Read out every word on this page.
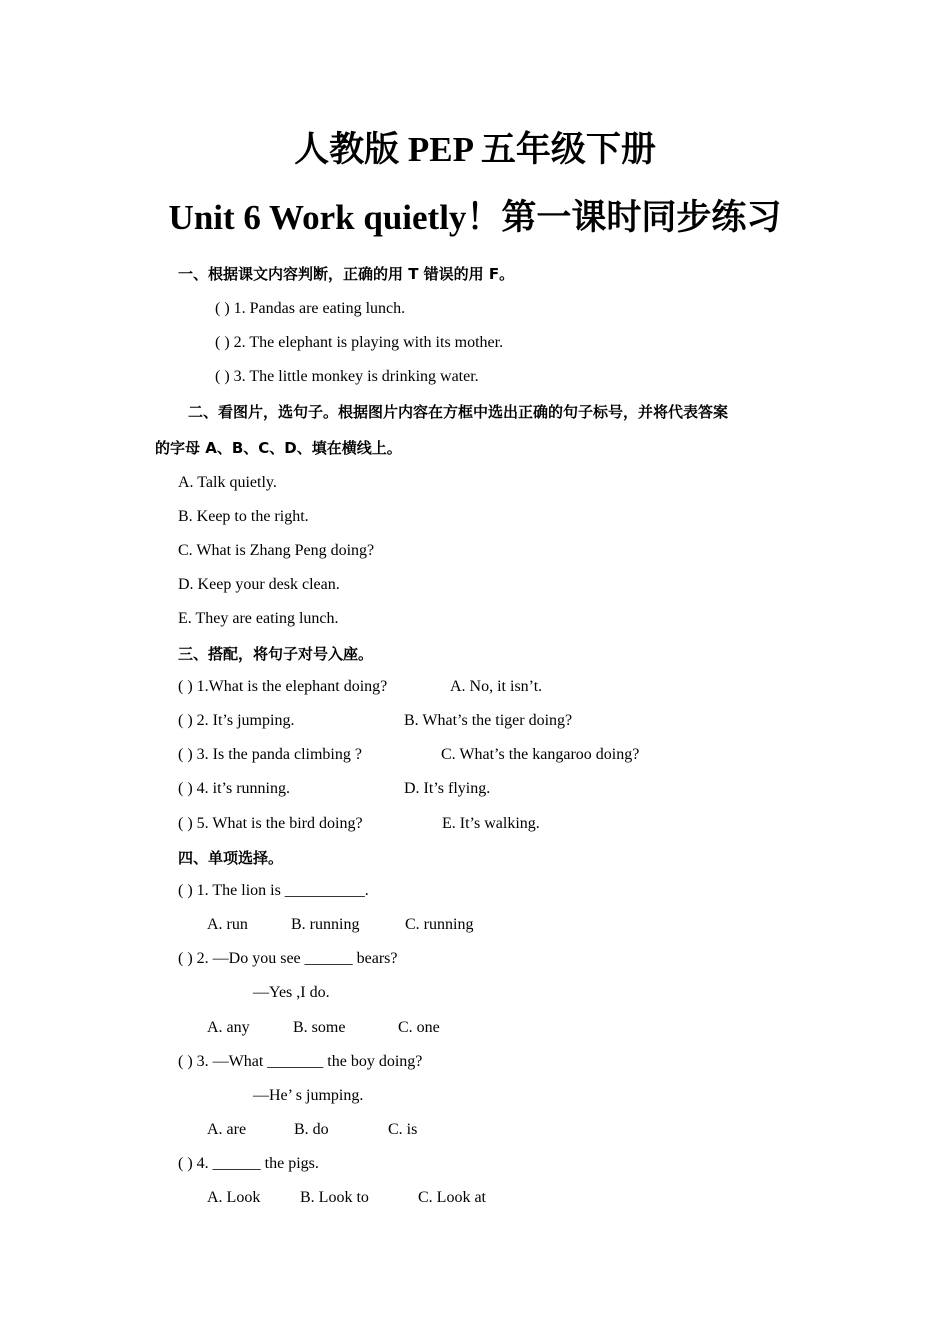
人教版 PEP 五年级下册
Unit 6 Work quietly！第一课时同步练习
一、根据课文内容判断，正确的用 T 错误的用 F。
( ) 1. Pandas are eating lunch.
( ) 2. The elephant is playing with its mother.
( ) 3. The little monkey is drinking water.
二、看图片，选句子。根据图片内容在方框中选出正确的句子标号，并将代表答案
的字母 A、B、C、D、填在横线上。
A. Talk quietly.
B. Keep to the right.
C. What is Zhang Peng doing?
D. Keep your desk clean.
E. They are eating lunch.
三、搭配，将句子对号入座。
( ) 1.What is the elephant doing?	A. No, it isn’t.
( ) 2. It’s jumping.	B. What’s the tiger doing?
( ) 3. Is the panda climbing ?	C. What’s the kangaroo doing?
( ) 4. it’s running.	D. It’s flying.
( ) 5. What is the bird doing?	E. It’s walking.
四、单项选择。
( ) 1. The lion is __________.
A. run	B. running	C. running
( ) 2. —Do you see ______ bears?
—Yes ,I do.
A. any	B. some	C. one
( ) 3. —What _______ the boy doing?
—He’ s jumping.
A. are	B. do	C. is
( ) 4. ______ the pigs.
A. Look B. Look to	C. Look at
